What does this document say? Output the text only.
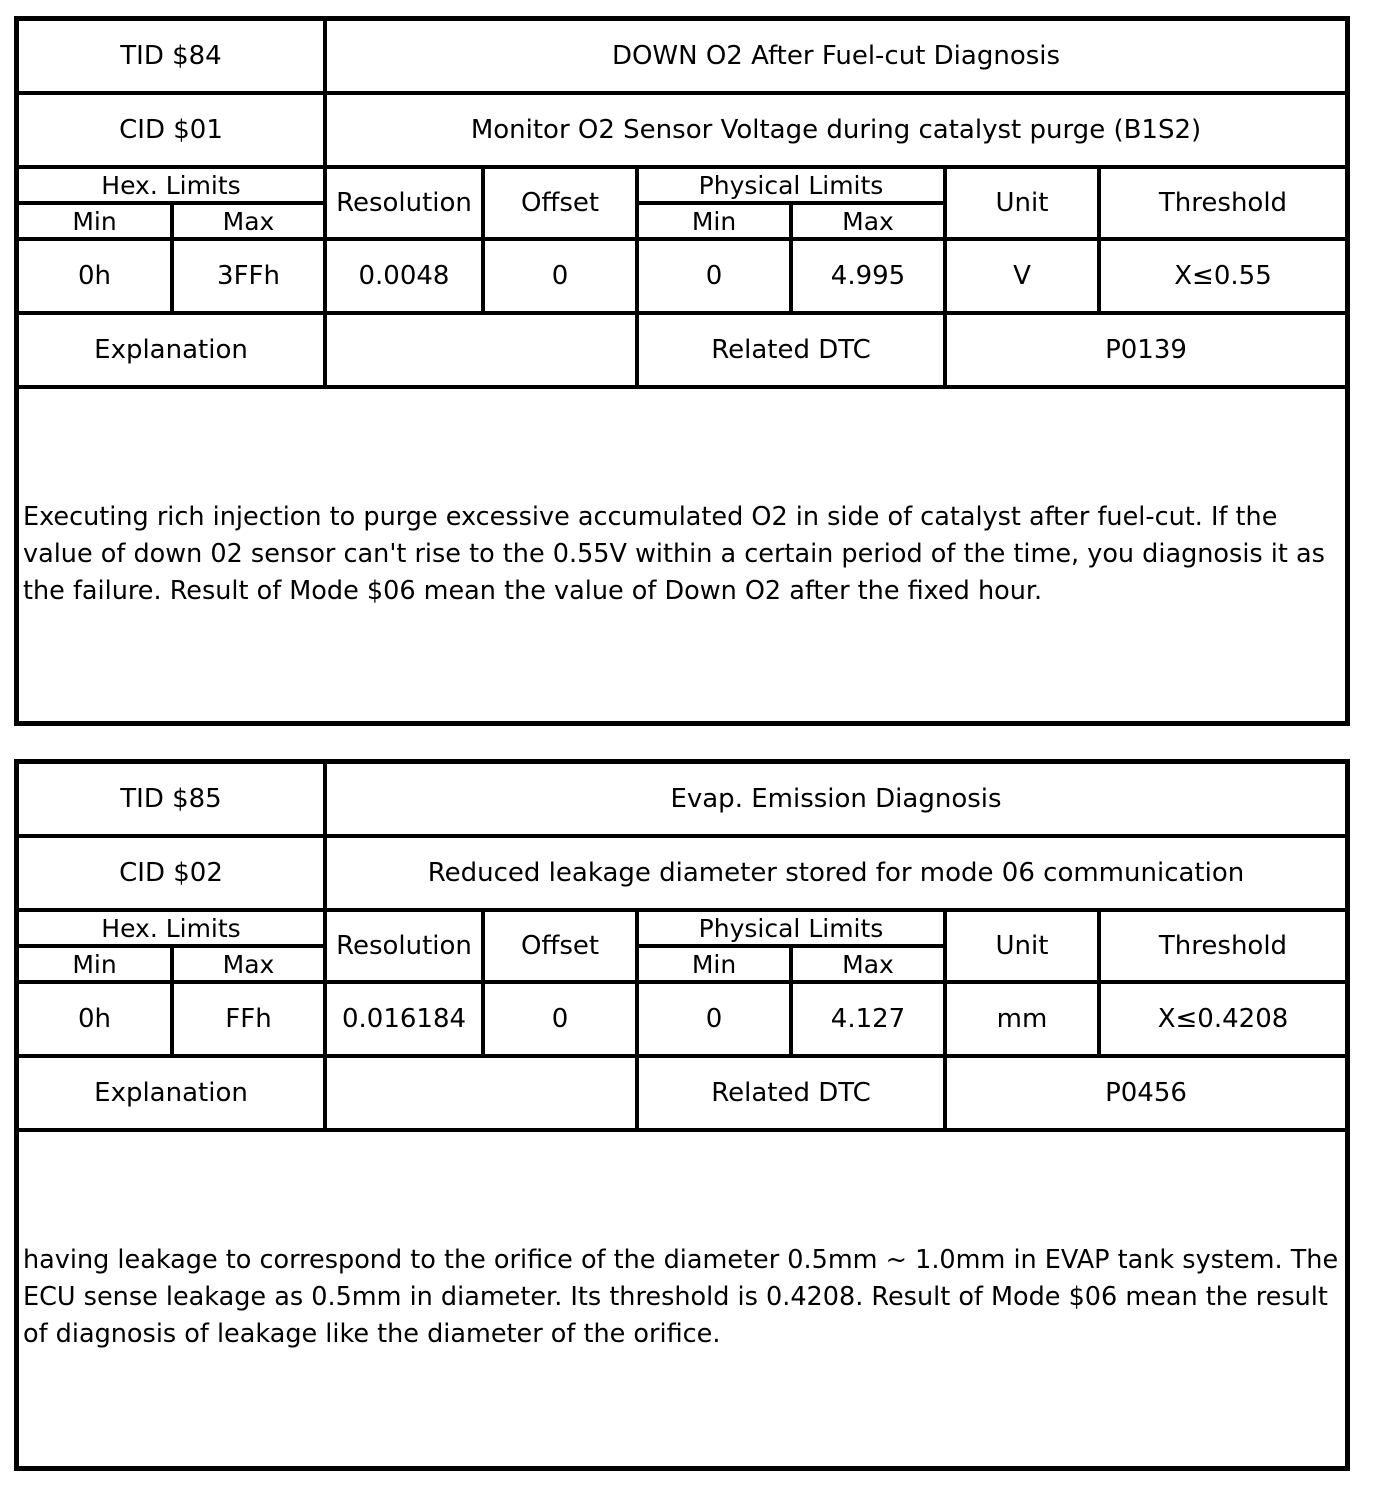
TID $84		DOWN O2 After Fuel-cut Diagnosis					
CID $01		Monitor O2 Sensor Voltage during catalyst purge (B1S2)					
Hex. Limits		Resolution	Offset	Physical Limits		Unit	Threshold
Min	Max			Min	Max		
0h	3FFh	0.0048	0	0	4.995	V	X≤0.55
Explanation				Related DTC		P0139	
Executing rich injection to purge excessive accumulated O2 in side of catalyst after fuel-cut. If the value of down 02 sensor can't rise to the 0.55V within a certain period of the time, you diagnosis it as the failure. Result of Mode $06 mean the value of Down O2 after the fixed hour.							
TID $85		Evap. Emission Diagnosis					
CID $02		Reduced leakage diameter stored for mode 06 communication					
Hex. Limits		Resolution	Offset	Physical Limits		Unit	Threshold
Min	Max			Min	Max		
0h	FFh	0.016184	0	0	4.127	mm	X≤0.4208
Explanation				Related DTC		P0456	
having leakage to correspond to the orifice of the diameter 0.5mm ~ 1.0mm in EVAP tank system. The ECU sense leakage as 0.5mm in diameter. Its threshold is 0.4208. Result of Mode $06 mean the result of diagnosis of leakage like the diameter of the orifice.							
